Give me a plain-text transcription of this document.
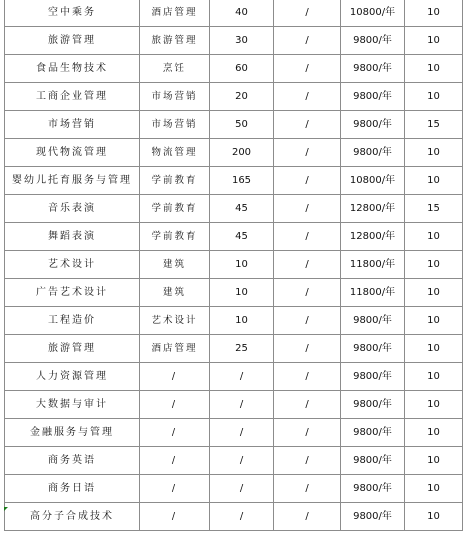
空中乘务	酒店管理	40	/	10800/年	10
旅游管理	旅游管理	30	/	9800/年	10
食品生物技术	烹饪	60	/	9800/年	10
工商企业管理	市场营销	20	/	9800/年	10
市场营销	市场营销	50	/	9800/年	15
现代物流管理	物流管理	200	/	9800/年	10
婴幼儿托育服务与管理	学前教育	165	/	10800/年	10
音乐表演	学前教育	45	/	12800/年	15
舞蹈表演	学前教育	45	/	12800/年	10
艺术设计	建筑	10	/	11800/年	10
广告艺术设计	建筑	10	/	11800/年	10
工程造价	艺术设计	10	/	9800/年	10
旅游管理	酒店管理	25	/	9800/年	10
人力资源管理	/	/	/	9800/年	10
大数据与审计	/	/	/	9800/年	10
金融服务与管理	/	/	/	9800/年	10
商务英语	/	/	/	9800/年	10
商务日语	/	/	/	9800/年	10
高分子合成技术	/	/	/	9800/年	10
